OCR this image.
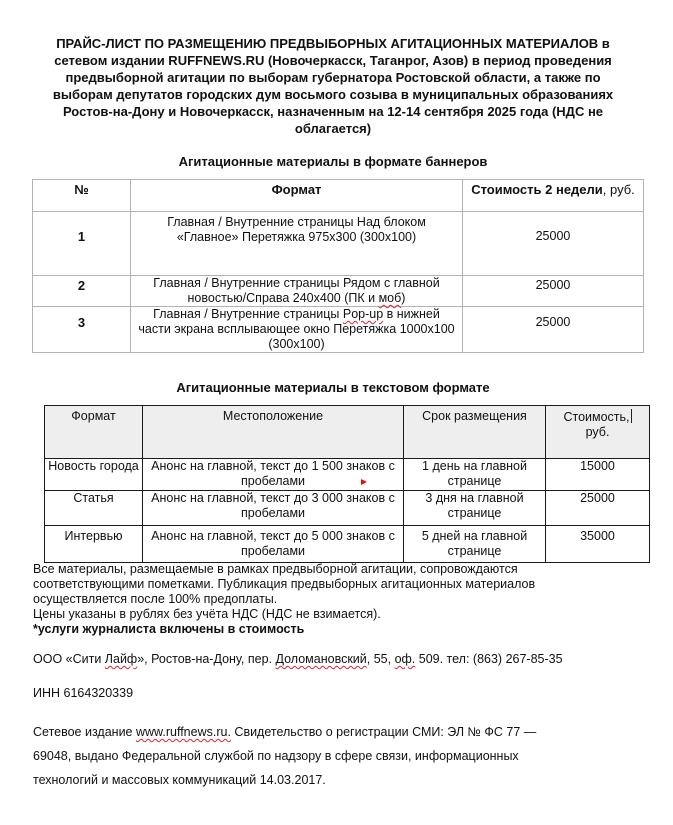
ПРАЙС-ЛИСТ ПО РАЗМЕЩЕНИЮ ПРЕДВЫБОРНЫХ АГИТАЦИОННЫХ МАТЕРИАЛОВ в
сетевом издании RUFFNEWS.RU (Новочеркасск, Таганрог, Азов) в период проведения
предвыборной агитации по выборам губернатора Ростовской области, а также по
выборам депутатов городских дум восьмого созыва в муниципальных образованиях
Ростов-на-Дону и Новочеркасск, назначенным на 12-14 сентября 2025 года (НДС не
облагается)
Агитационные материалы в формате баннеров
№	Формат	Стоимость 2 недели, руб.
1	Главная / Внутренние страницы Над блоком «Главное» Перетяжка 975x300 (300x100)	25000
2	Главная / Внутренние страницы Рядом с главной новостью/Справа 240x400 (ПК и моб)	25000
3	Главная / Внутренние страницы Pop-up в нижней части экрана всплывающее окно Перетяжка 1000x100 (300x100)	25000
Агитационные материалы в текстовом формате
Формат	Местоположение	Срок размещения	Стоимость,
руб.
Новость города	Анонс на главной, текст до 1 500 знаков с пробелами	1 день на главной странице	15000
Статья	Анонс на главной, текст до 3 000 знаков с пробелами	3 дня на главной странице	25000
Интервью	Анонс на главной, текст до 5 000 знаков с пробелами	5 дней на главной странице	35000
Все материалы, размещаемые в рамках предвыборной агитации, сопровождаются соответствующими пометками. Публикация предвыборных агитационных материалов осуществляется после 100% предоплаты.
Цены указаны в рублях без учёта НДС (НДС не взимается).
*услуги журналиста включены в стоимость
ООО «Сити Лайф», Ростов-на-Дону, пер. Доломановский, 55, оф. 509. тел: (863) 267-85-35
ИНН 6164320339
Сетевое издание www.ruffnews.ru. Свидетельство о регистрации СМИ: ЭЛ № ФС 77 —
69048, выдано Федеральной службой по надзору в сфере связи, информационных
технологий и массовых коммуникаций 14.03.2017.
